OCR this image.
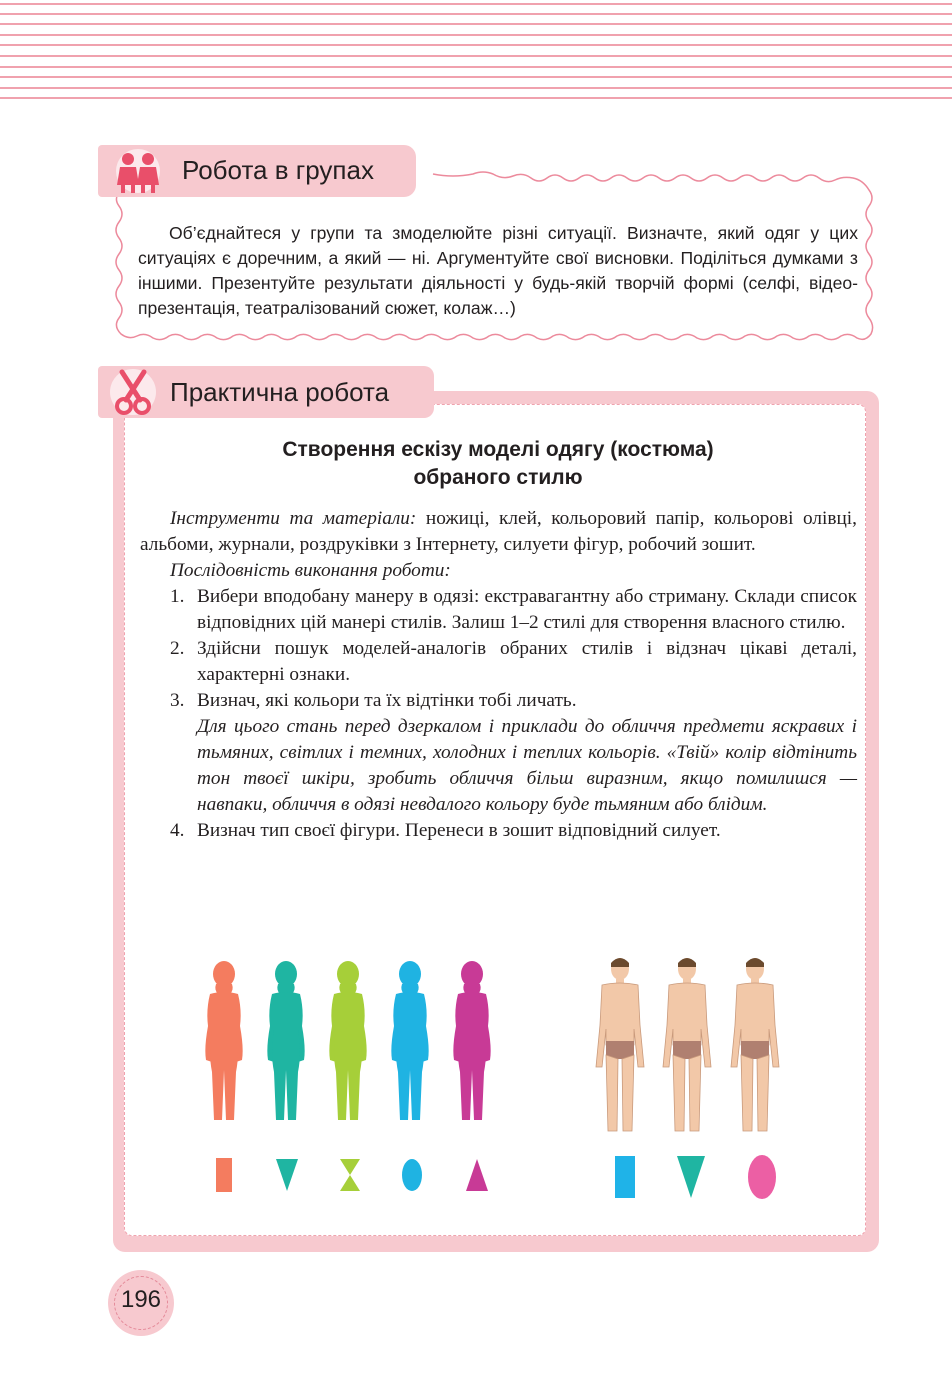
Робота в групах

Об’єднайтеся у групи та змоделюйте різні ситуації. Визначте, який одяг у цих ситуаціях є доречним, а який — ні. Аргументуйте свої висновки. Поділіться думками з іншими. Презентуйте результати діяльності у будь-якій творчій формі (селфі, відео-презентація, театралізований сюжет, колаж…)

Практична робота
Створення ескізу моделі одягу (костюма)
обраного стилю

Інструменти та матеріали: ножиці, клей, кольоровий папір, кольорові олівці, альбоми, журнали, роздруківки з Інтернету, силуети фігур, робочий зошит.

Послідовність виконання роботи:

1. Вибери вподобану манеру в одязі: екстравагантну або стриману. Склади список відповідних цій манері стилів. Залиш 1–2 стилі для створення власного стилю.
2. Здійсни пошук моделей-аналогів обраних стилів і відзнач цікаві деталі, характерні ознаки.
3. Визнач, які кольори та їх відтінки тобі личать.
Для цього стань перед дзеркалом і приклади до обличчя предмети яскравих і тьмяних, світлих і темних, холодних і теплих кольорів. «Твій» колір відтінить тон твоєї шкіри, зробить обличчя більш виразним, якщо помилишся — навпаки, обличчя в одязі невдалого кольору буде тьмяним або блідим.
4. Визнач тип своєї фігури. Перенеси в зошит відповідний силует.
196
